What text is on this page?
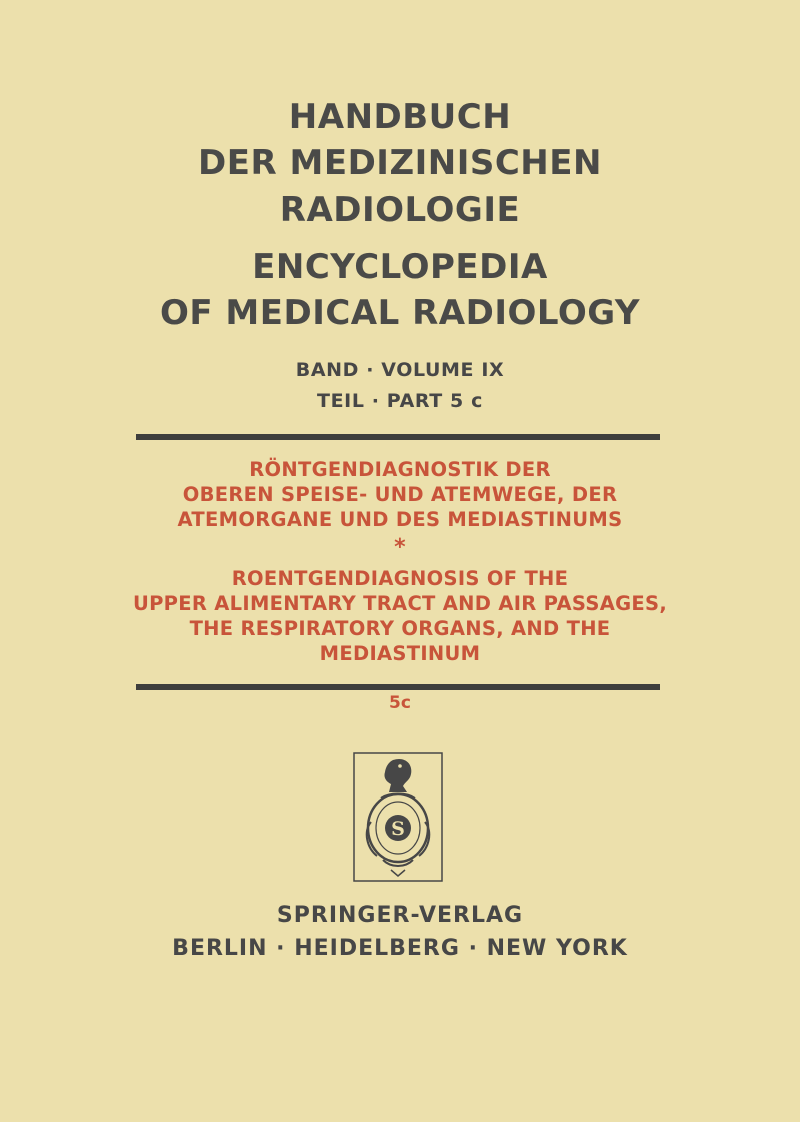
HANDBUCH
DER MEDIZINISCHEN
RADIOLOGIE
ENCYCLOPEDIA
OF MEDICAL RADIOLOGY
BAND · VOLUME IX
TEIL · PART 5 c
RÖNTGENDIAGNOSTIK DER
OBEREN SPEISE- UND ATEMWEGE, DER
ATEMORGANE UND DES MEDIASTINUMS
*
ROENTGENDIAGNOSIS OF THE
UPPER ALIMENTARY TRACT AND AIR PASSAGES,
THE RESPIRATORY ORGANS, AND THE
MEDIASTINUM
5c
S
SPRINGER-VERLAG
BERLIN · HEIDELBERG · NEW YORK
